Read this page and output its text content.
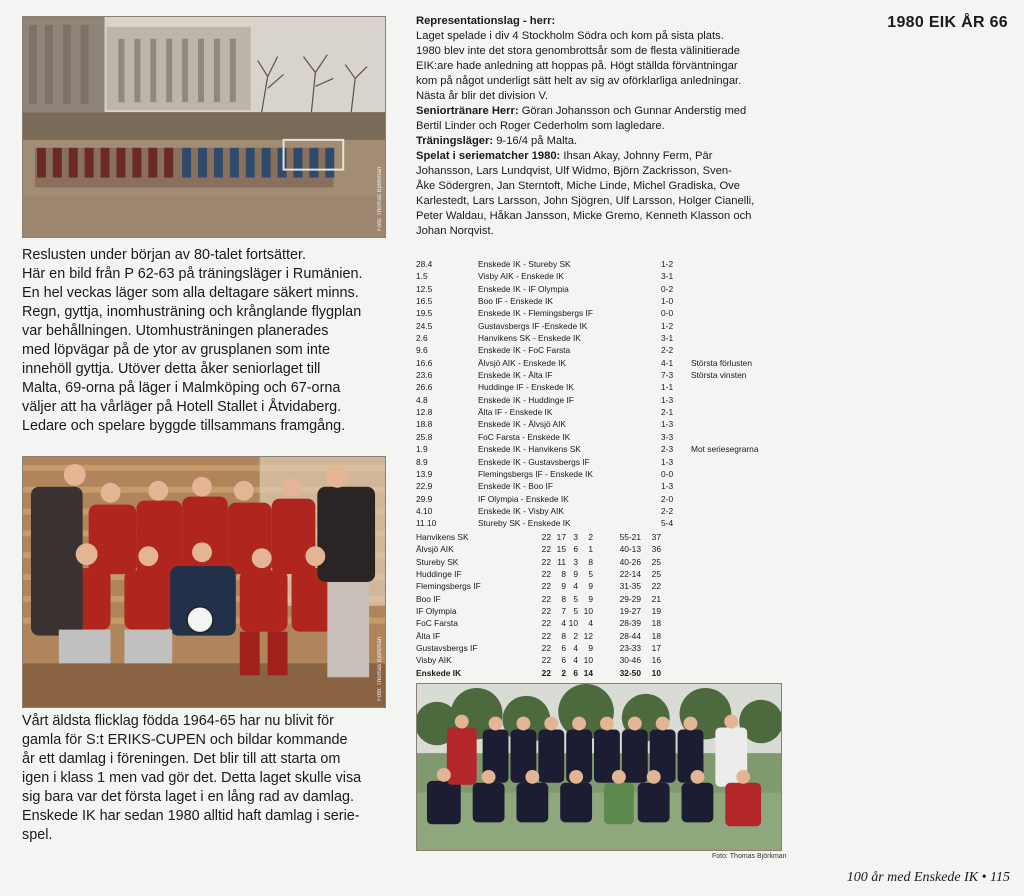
1980 EIK ÅR 66
Foto: Thomas Björkman

Reslusten under början av 80-talet fortsätter.

Här en bild från P 62-63 på träningsläger i Rumänien.

En hel veckas läger som alla deltagare säkert minns.

Regn, gyttja, inomhusträning och krånglande flygplan

var behållningen. Utomhusträningen planerades

med löpvägar på de ytor av grusplanen som inte

innehöll gyttja. Utöver detta åker seniorlaget till

Malta, 69-orna på läger i Malmköping och 67-orna

väljer att ha vårläger på Hotell Stallet i Åtvidaberg.

Ledare och spelare byggde tillsammans framgång.

Foto: Thomas Björkman

Vårt äldsta flicklag födda 1964-65 har nu blivit för

gamla för S:t ERIKS-CUPEN och bildar kommande

år ett damlag i föreningen. Det blir till att starta om

igen i klass 1 men vad gör det. Detta laget skulle visa

sig bara var det första laget i en lång rad av damlag.

Enskede IK har sedan 1980 alltid haft damlag i serie-

spel.

Representationslag - herr:
Laget spelade i div 4 Stockholm Södra och kom på sista plats.
1980 blev inte det stora genombrottsår som de flesta välinitierade
EIK:are hade anledning att hoppas på. Högt ställda förväntningar
kom på något underligt sätt helt av sig av oförklarliga anledningar.
Nästa år blir det division V.
Seniortränare Herr: Göran Johansson och Gunnar Anderstig med
Bertil Linder och Roger Cederholm som lagledare.
Träningsläger: 9-16/4 på Malta.
Spelat i seriematcher 1980: Ihsan Akay, Johnny Ferm, Pär
Johansson, Lars Lundqvist, Ulf Widmo, Björn Zackrisson, Sven-
Åke Södergren, Jan Sterntoft, Miche Linde, Michel Gradiska, Ove
Karlestedt, Lars Larsson, John Sjögren, Ulf Larsson, Holger Cianelli,
Peter Waldau, Håkan Jansson, Micke Gremo, Kenneth Klasson och
Johan Norqvist.
28.4	Enskede IK - Stureby SK	1-2
1.5	Visby AIK - Enskede IK	3-1
12.5	Enskede IK - IF Olympia	0-2
16.5	Boo IF - Enskede IK	1-0
19.5	Enskede IK - Flemingsbergs IF	0-0
24.5	Gustavsbergs IF -Enskede IK	1-2
2.6	Hanvikens SK - Enskede IK	3-1
9.6	Enskede IK - FoC Farsta	2-2
16.6	Älvsjö AIK - Enskede IK	4-1	Största förlusten
23.6	Enskede IK - Älta IF	7-3	Största vinsten
26.6	Huddinge IF - Enskede IK	1-1
4.8	Enskede IK - Huddinge IF	1-3
12.8	Älta IF - Enskede IK	2-1
18.8	Enskede IK - Älvsjö AIK	1-3
25.8	FoC Farsta - Enskede IK	3-3
1.9	Enskede IK - Hanvikens SK	2-3	Mot seriesegrarna
8.9	Enskede IK - Gustavsbergs IF	1-3
13.9	Flemingsbergs IF - Enskede IK	0-0
22.9	Enskede IK - Boo IF	1-3
29.9	IF Olympia - Enskede IK	2-0
4.10	Enskede IK - Visby AIK	2-2
11.10	Stureby SK - Enskede IK	5-4
Hanvikens SK	22 17 3	2	55-21	37
Älvsjö AIK	22 15 6	1	40-13	36
Stureby SK	22 11 3	8	40-26	25
Huddinge IF	22	8 9	5	22-14	25
Flemingsbergs IF	22	9 4	9	31-35	22
Boo IF	22	8 5	9	29-29	21
IF Olympia	22	7 5 10	19-27	19
FoC Farsta	22	4 10	4	28-39	18
Älta IF	22	8 2 12	28-44	18
Gustavsbergs IF	22	6 4	9	23-33	17
Visby AIK	22	6 4 10	30-46	16
Enskede IK	22	2 6 14	32-50	10
Foto: Thomas Björkman
100 år med Enskede IK • 115
